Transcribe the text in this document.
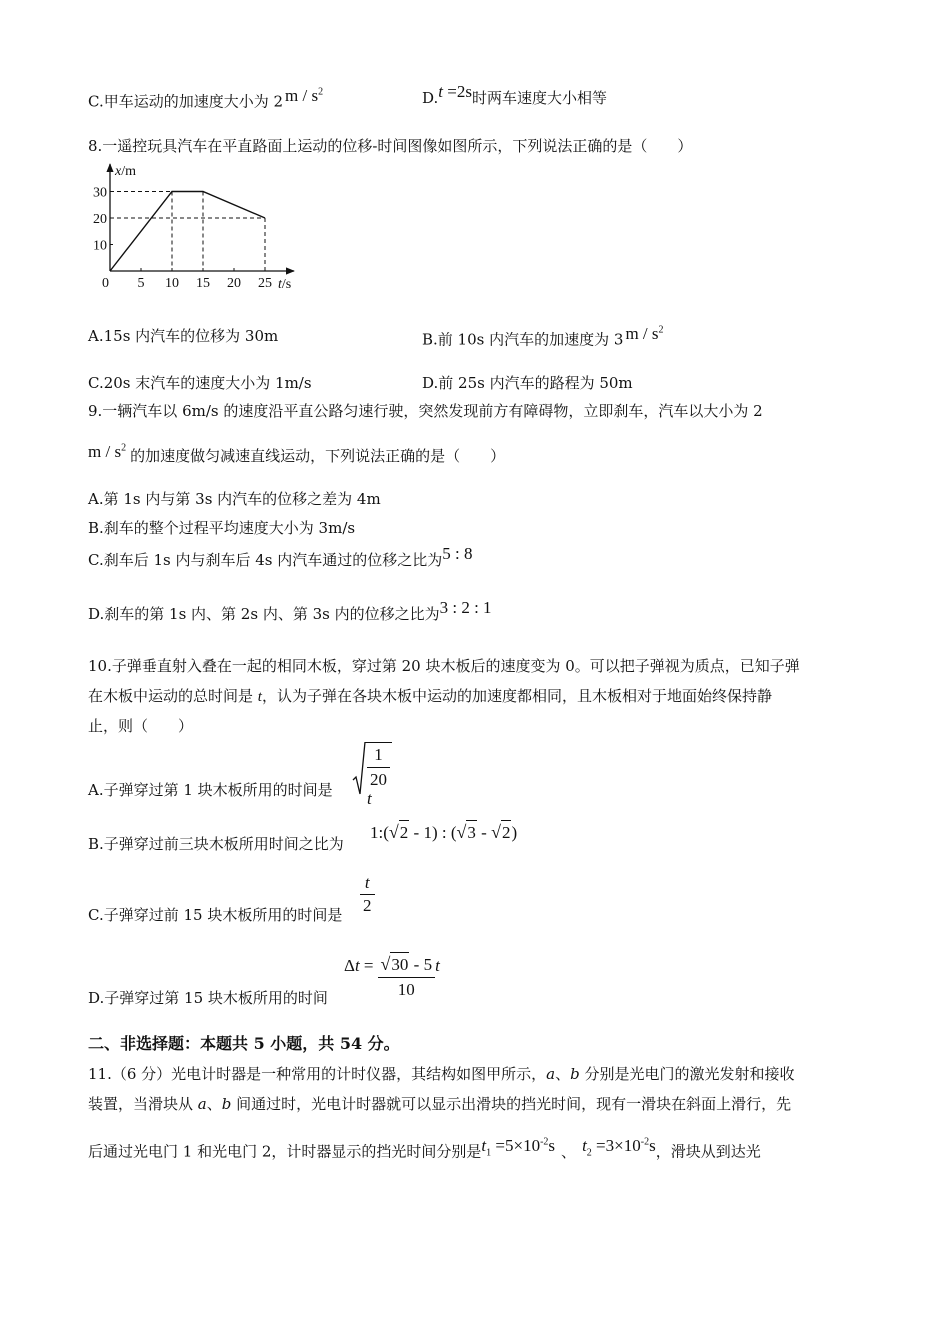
C.甲车运动的加速度大小为 2 m / $s^2$	D.t =2s时两车速度大小相等
8.一遥控玩具汽车在平直路面上运动的位移-时间图像如图所示，下列说法正确的是（　　）
5 10 15 20 25
10
20
30
0
x/m
t/s
A.15s 内汽车的位移为 30m	B.前 10s 内汽车的加速度为 3 m / $s^2$
C.20s 末汽车的速度大小为 1m/s	D.前 25s 内汽车的路程为 50m
9.一辆汽车以 6m/s 的速度沿平直公路匀速行驶，突然发现前方有障碍物，立即刹车，汽车以大小为 2
m / $s^2$ 的加速度做匀减速直线运动，下列说法正确的是（　　）
A.第 1s 内与第 3s 内汽车的位移之差为 4m
B.刹车的整个过程平均速度大小为 3m/s
C.刹车后 1s 内与刹车后 4s 内汽车通过的位移之比为5 : 8
D.刹车的第 1s 内、第 2s 内、第 3s 内的位移之比为3 : 2 : 1
10.子弹垂直射入叠在一起的相同木板，穿过第 20 块木板后的速度变为 0。可以把子弹视为质点，已知子弹
在木板中运动的总时间是 t，认为子弹在各块木板中运动的加速度都相同，且木板相对于地面始终保持静
止，则（　　）
A.子弹穿过第 1 块木板所用的时间是 $\frac{1}{20}$
t
B.子弹穿过前三块木板所用时间之比为
1:(√2 - 1) : (√3 - √2)
C.子弹穿过前 15 块木板所用的时间是 $\frac{t}{2}$
D.子弹穿过第 15 块木板所用的时间
$\Delta t = \frac{√30 - 5}{10}$ t
二、非选择题：本题共 5 小题，共 54 分。
11.（6 分）光电计时器是一种常用的计时仪器，其结构如图甲所示，a、b 分别是光电门的激光发射和接收
装置，当滑块从 a、b 间通过时，光电计时器就可以显示出滑块的挡光时间，现有一滑块在斜面上滑行，先
后通过光电门 1 和光电门 2，计时器显示的挡光时间分别是$t_1 =5\times 10^{-2}s$ 、 $t_2 =3\times 10^{-2}s$，滑块从到达光
